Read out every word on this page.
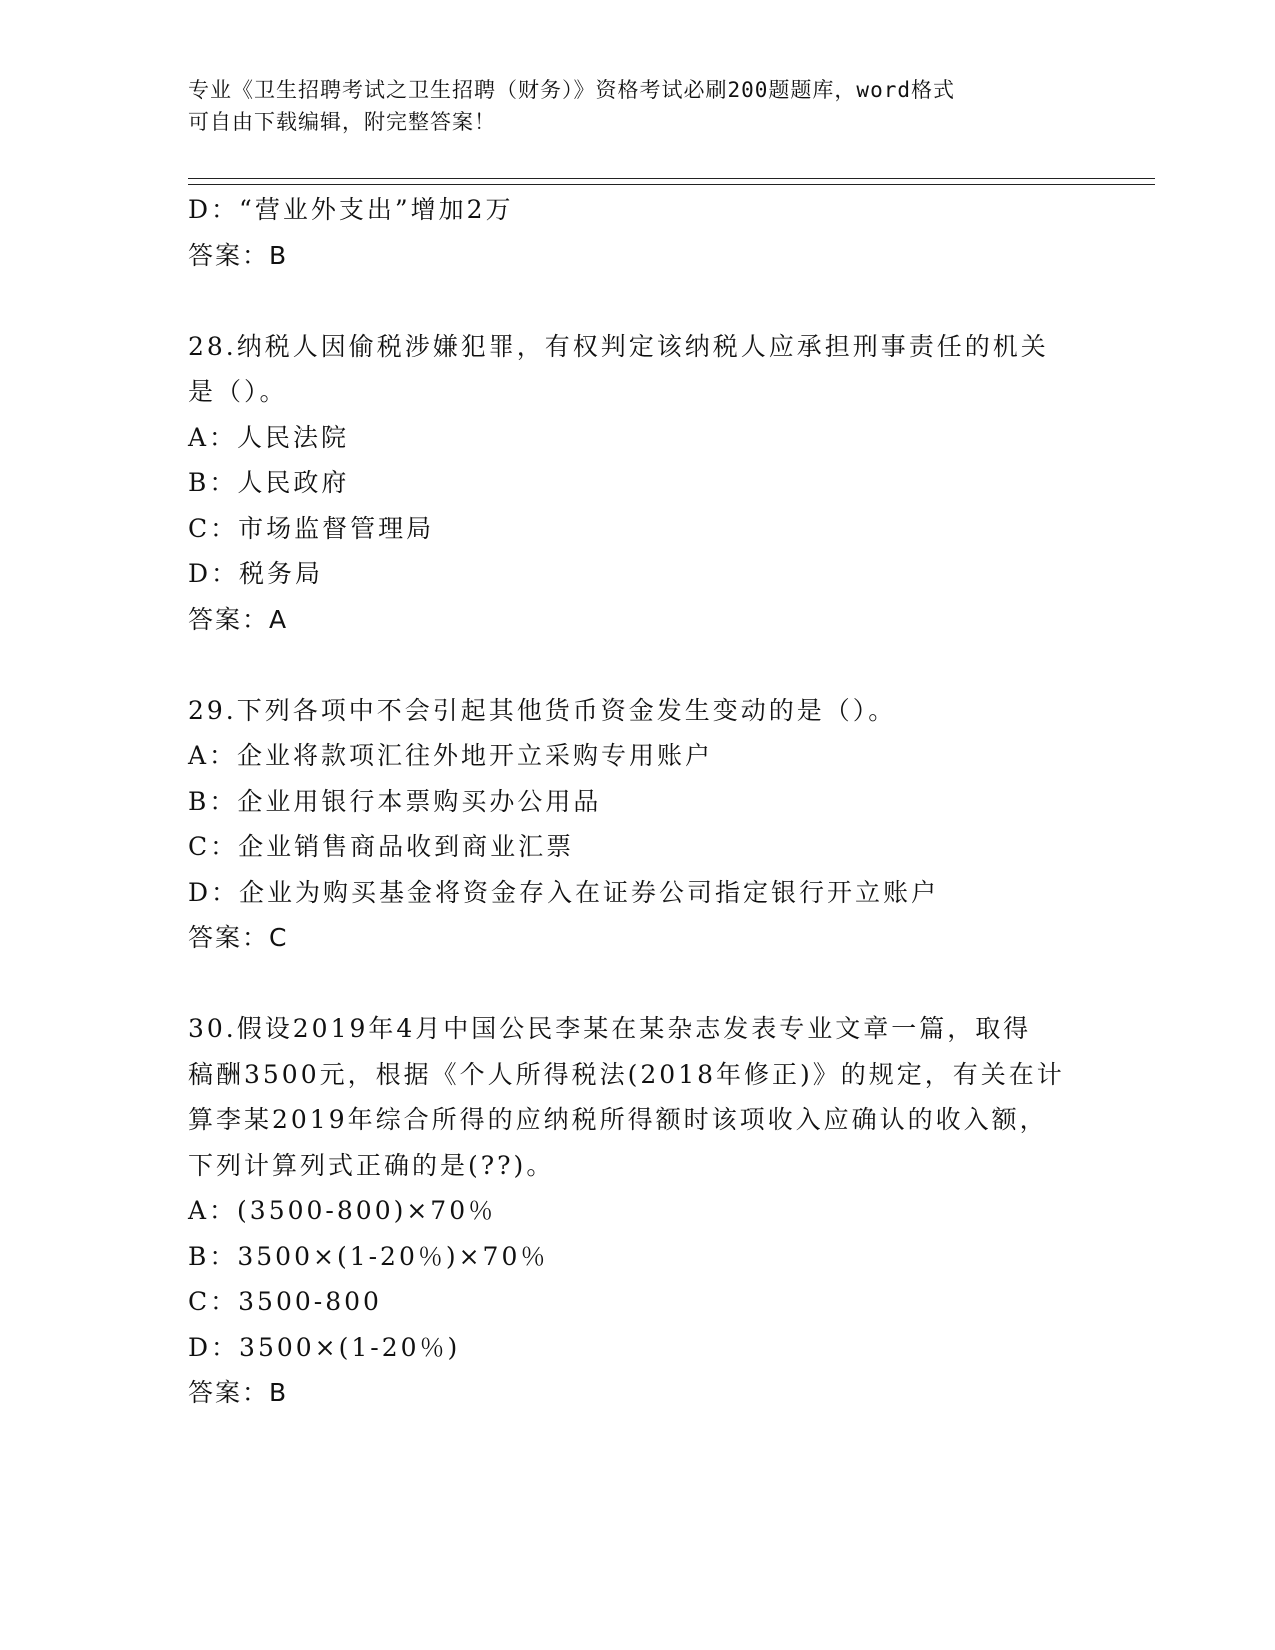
专业《卫生招聘考试之卫生招聘（财务）》资格考试必刷200题题库，word格式
可自由下载编辑，附完整答案！
D：“营业外支出”增加2万
答案：B
28.纳税人因偷税涉嫌犯罪，有权判定该纳税人应承担刑事责任的机关
是（）。
A：人民法院
B：人民政府
C：市场监督管理局
D：税务局
答案：A
29.下列各项中不会引起其他货币资金发生变动的是（）。
A：企业将款项汇往外地开立采购专用账户
B：企业用银行本票购买办公用品
C：企业销售商品收到商业汇票
D：企业为购买基金将资金存入在证券公司指定银行开立账户
答案：C
30.假设2019年4月中国公民李某在某杂志发表专业文章一篇，取得
稿酬3500元，根据《个人所得税法(2018年修正)》的规定，有关在计
算李某2019年综合所得的应纳税所得额时该项收入应确认的收入额，
下列计算列式正确的是(??)。
A：(3500-800)×70％
B：3500×(1-20％)×70％
C：3500-800
D：3500×(1-20％)
答案：B
